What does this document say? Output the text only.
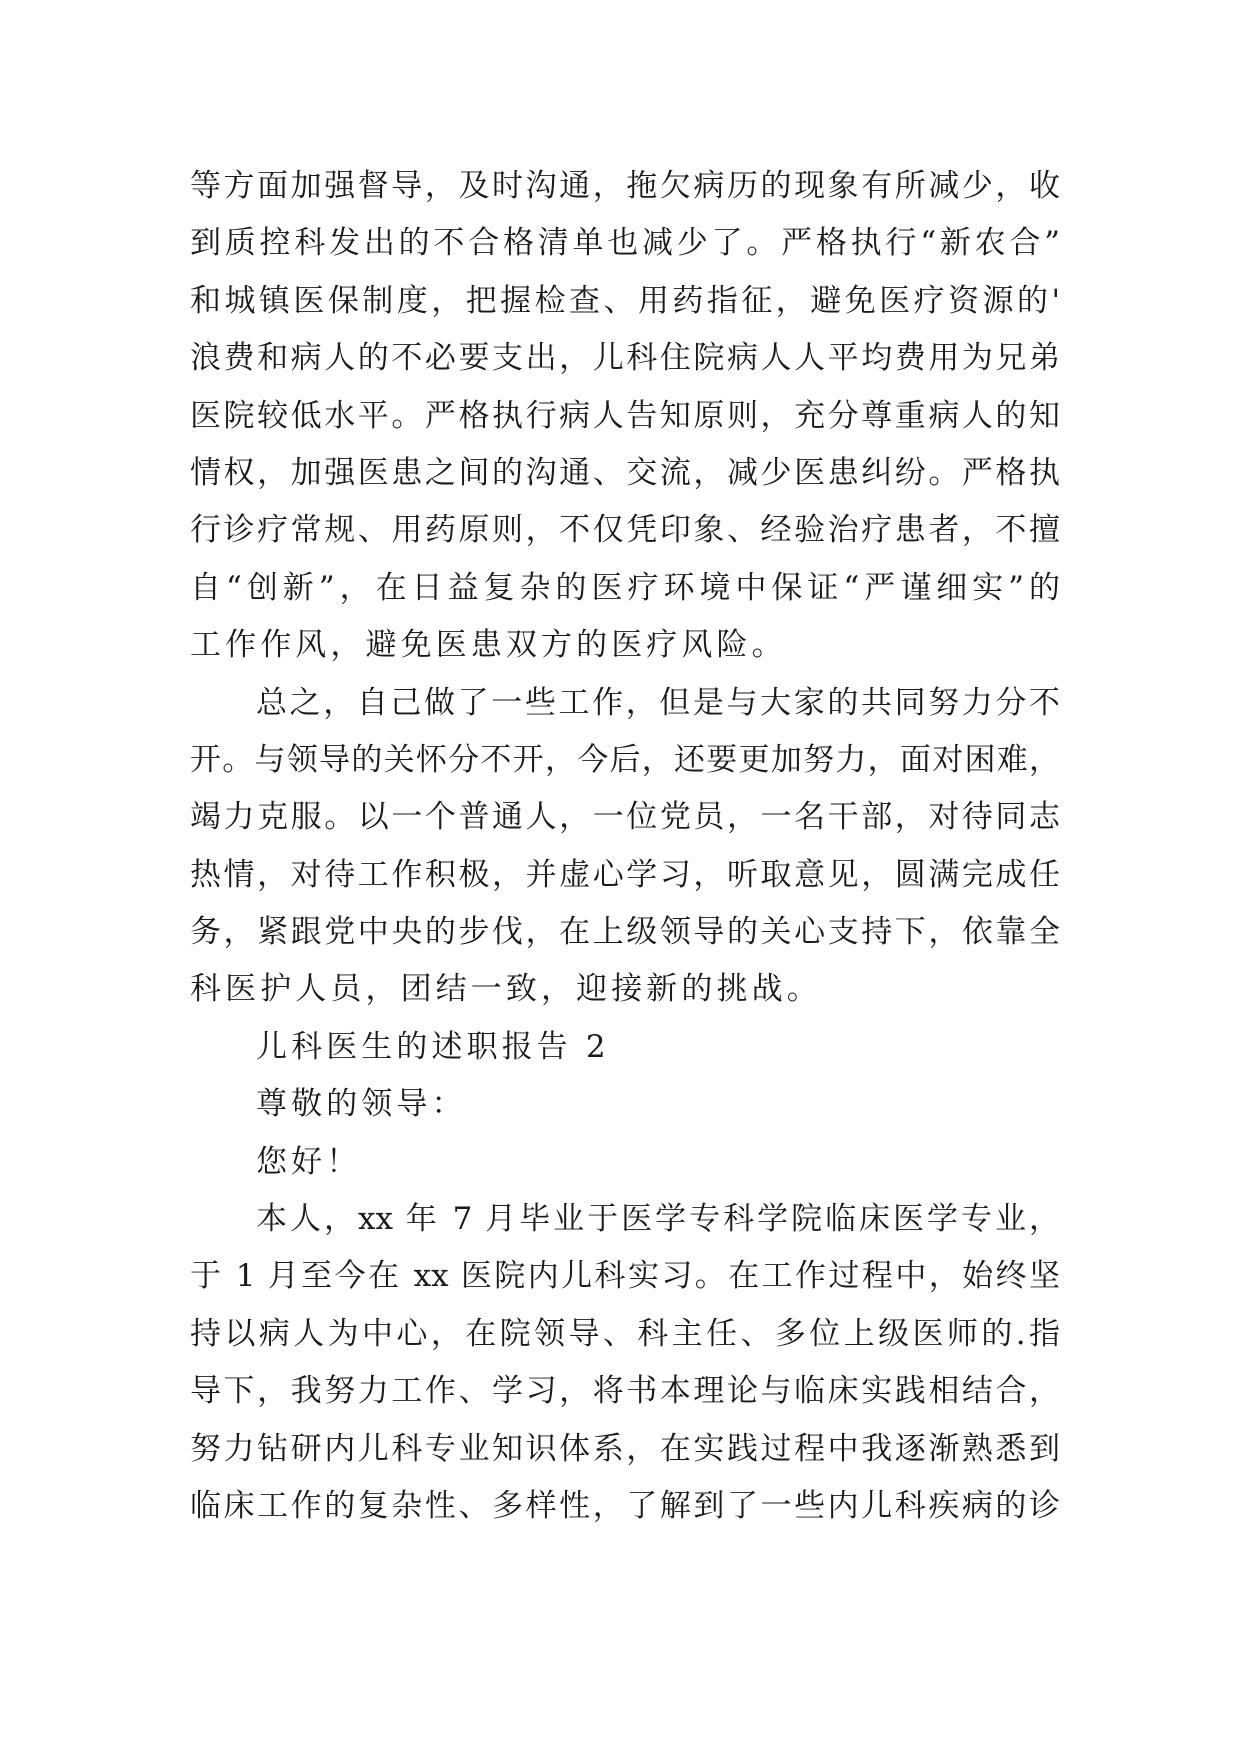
等方面加强督导，及时沟通，拖欠病历的现象有所减少，收
到质控科发出的不合格清单也减少了。严格执行“新农合”
和城镇医保制度，把握检查、用药指征，避免医疗资源的'
浪费和病人的不必要支出，儿科住院病人人平均费用为兄弟
医院较低水平。严格执行病人告知原则，充分尊重病人的知
情权，加强医患之间的沟通、交流，减少医患纠纷。严格执
行诊疗常规、用药原则，不仅凭印象、经验治疗患者，不擅
自“创新”，在日益复杂的医疗环境中保证“严谨细实”的
工作作风，避免医患双方的医疗风险。
总之，自己做了一些工作，但是与大家的共同努力分不
开。与领导的关怀分不开，今后，还要更加努力，面对困难，
竭力克服。以一个普通人，一位党员，一名干部，对待同志
热情，对待工作积极，并虚心学习，听取意见，圆满完成任
务，紧跟党中央的步伐，在上级领导的关心支持下，依靠全
科医护人员，团结一致，迎接新的挑战。
儿科医生的述职报告 2
尊敬的领导：
您好！
本人，xx 年 7 月毕业于医学专科学院临床医学专业，
于 1 月至今在 xx 医院内儿科实习。在工作过程中，始终坚
持以病人为中心，在院领导、科主任、多位上级医师的.指
导下，我努力工作、学习，将书本理论与临床实践相结合，
努力钻研内儿科专业知识体系，在实践过程中我逐渐熟悉到
临床工作的复杂性、多样性，了解到了一些内儿科疾病的诊
